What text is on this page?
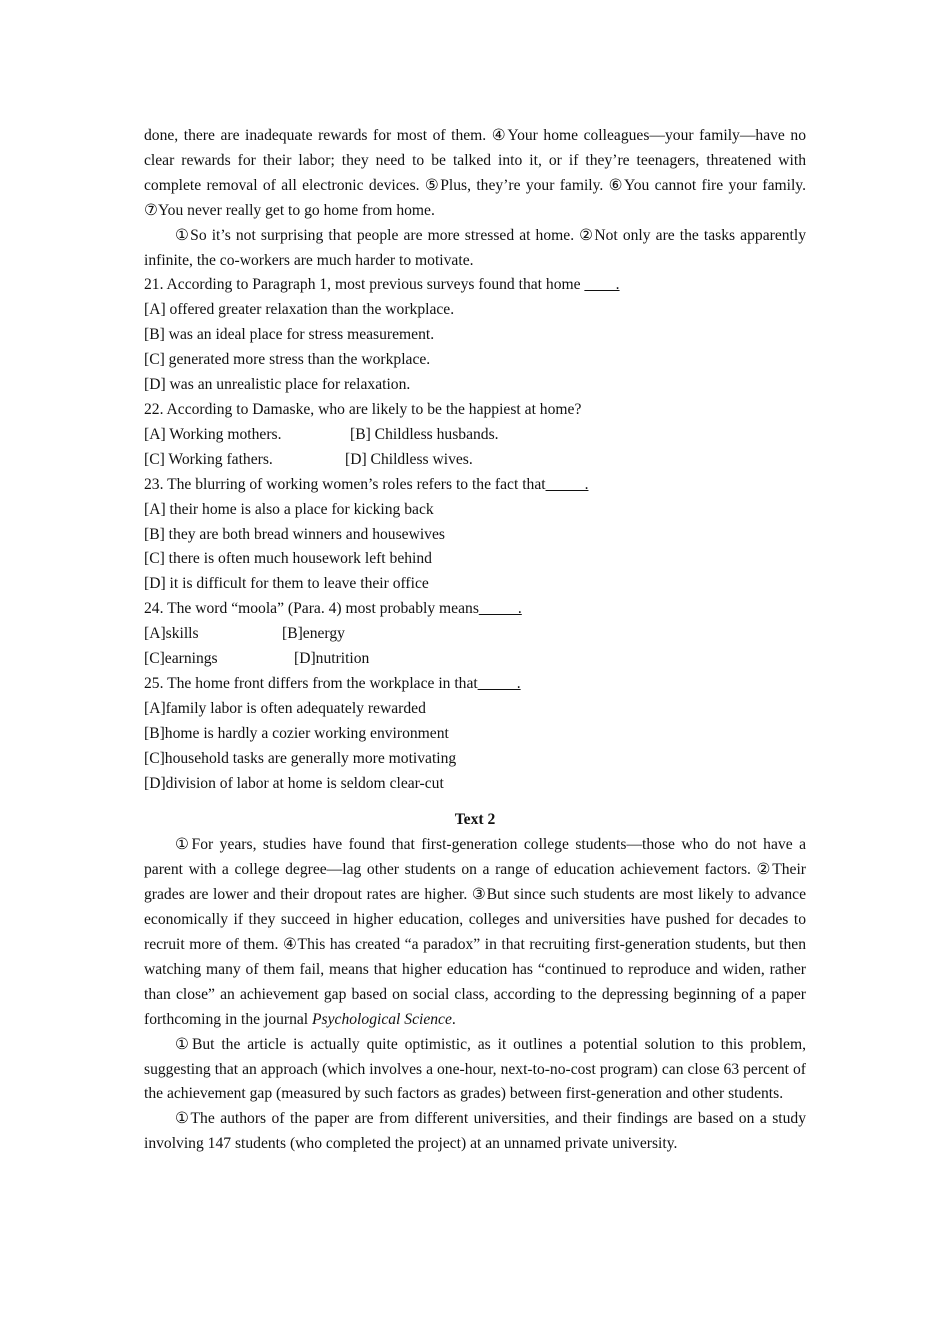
done, there are inadequate rewards for most of them. ④Your home colleagues—your family—have no clear rewards for their labor; they need to be talked into it, or if they’re teenagers, threatened with complete removal of all electronic devices. ⑤Plus, they’re your family. ⑥You cannot fire your family. ⑦You never really get to go home from home.

①So it’s not surprising that people are more stressed at home. ②Not only are the tasks apparently infinite, the co-workers are much harder to motivate.

21. According to Paragraph 1, most previous surveys found that home ____.

[A] offered greater relaxation than the workplace.

[B] was an ideal place for stress measurement.

[C] generated more stress than the workplace.

[D] was an unrealistic place for relaxation.

22. According to Damaske, who are likely to be the happiest at home?

[A] Working mothers.	[B] Childless husbands.

[C] Working fathers.	[D] Childless wives.

23. The blurring of working women’s roles refers to the fact that_____.

[A] their home is also a place for kicking back

[B] they are both bread winners and housewives

[C] there is often much housework left behind

[D] it is difficult for them to leave their office

24. The word “moola” (Para. 4) most probably means_____.

[A]skills	[B]energy

[C]earnings	[D]nutrition

25. The home front differs from the workplace in that_____.

[A]family labor is often adequately rewarded

[B]home is hardly a cozier working environment

[C]household tasks are generally more motivating

[D]division of labor at home is seldom clear-cut

Text 2

①For years, studies have found that first-generation college students—those who do not have a parent with a college degree—lag other students on a range of education achievement factors. ②Their grades are lower and their dropout rates are higher. ③But since such students are most likely to advance economically if they succeed in higher education, colleges and universities have pushed for decades to recruit more of them. ④This has created “a paradox” in that recruiting first-generation students, but then watching many of them fail, means that higher education has “continued to reproduce and widen, rather than close” an achievement gap based on social class, according to the depressing beginning of a paper forthcoming in the journal Psychological Science.

①But the article is actually quite optimistic, as it outlines a potential solution to this problem, suggesting that an approach (which involves a one-hour, next-to-no-cost program) can close 63 percent of the achievement gap (measured by such factors as grades) between first-generation and other students.

①The authors of the paper are from different universities, and their findings are based on a study involving 147 students (who completed the project) at an unnamed private university.
